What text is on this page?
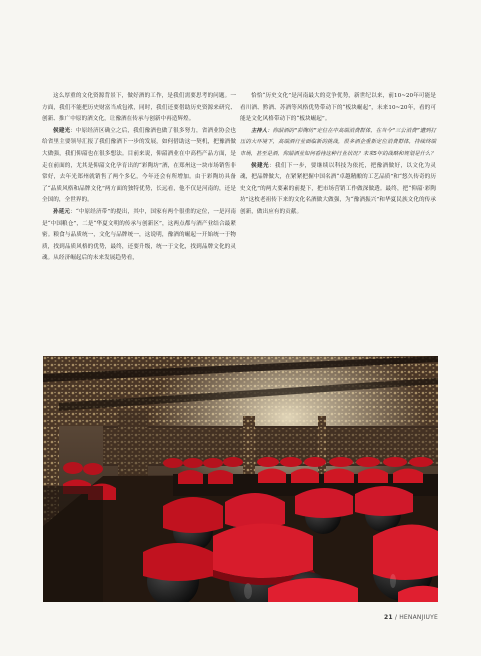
这么厚重的文化资源背景下，做好酒的工作，是我们需要思考的问题。一方面，我们不能把历史财富当成包袱，同时，我们还要借助历史资源来研究、创新、推广中原的酒文化，让豫酒在传承与创新中再造辉煌。

侯建光：中原经济区确立之后，我们豫酒也做了很多努力，省酒业协会也给省里主要领导汇报了我们豫酒下一步的发展，如何借助这一契机，把豫酒做大做强，我们仰韶也在很多想法。目前来说，仰韶酒业在中高档产品方面，是走在前面的，尤其是仰韶文化孕育出的“彩陶坊”酒，在郑州这一块市场销售非常好，去年光郑州就销售了两个多亿，今年还会有所增加。由于彩陶坊具备了“品质风格和品牌文化”两方面的独特优势，长远看，他不仅是河南的，还是全国的，全世界的。

孙延元：“中原经济带”的提出，其中，国家有两个很重的定位，一是河南是“中国粮仓”，二是“华夏文明的传承与创新区”，这两点都与酒产业结合最紧密。粮食与品质统一，文化与品牌统一，这说明，豫酒的崛起一开始统一于物质，找到品质风格的优势，最终，还要升级，统一于文化，找到品牌文化的灵魂。从经济崛起后的未来发展趋势看，

恰恰“历史文化”是河南最大的竞争优势，新世纪以来，前10~20年可能是看川酒、黔酒、苏酒等风格优势带动下的“板块崛起”，未来10~20年，看的可能是文化风格带动下的“板块崛起”。

主持人：仰韶酒的“彩陶坊”定位在中高端消费群体，在当今“三公消费”遭到打压的大环境下，高端酒行业面临新的挑战，很多酒企重新定位消费群体，持续终端市场，甚至是酒，仰韶酒业如何看待这种行业状况？未来5年的战略和规划是什么？

侯建光：我们下一步，要继续以科技为依托，把豫酒做好，以文化为灵魂，把品牌做大，在紧紧把握中国名酒“卓越精酿的工艺品质”和“悠久传奇的历史文化”的两大要素的前提下，把市场营销工作做深做透。最终，把“仰韶·彩陶坊”这枚老祖传下来的文化名酒做大做强，为“豫酒振兴”和华夏民族文化的传承创新，做出应有的贡献。

21 / HENANJIUYE
